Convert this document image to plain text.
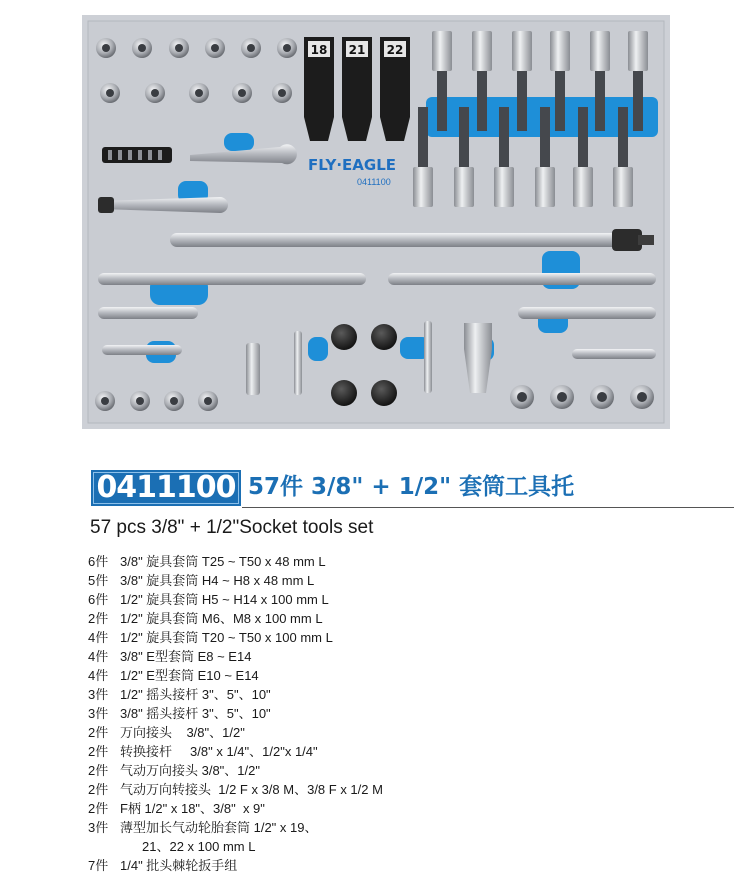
18 21 22
FLY·EAGLE
0411100
0411100 57件 3/8" + 1/2" 套筒工具托
57 pcs 3/8" + 1/2"Socket tools set
6件 3/8" 旋具套筒 T25 ~ T50 x 48 mm L
5件 3/8" 旋具套筒 H4 ~ H8 x 48 mm L
6件 1/2" 旋具套筒 H5 ~ H14 x 100 mm L
2件 1/2" 旋具套筒 M6、M8 x 100 mm L
4件 1/2" 旋具套筒 T20 ~ T50 x 100 mm L
4件 3/8" E型套筒 E8 ~ E14
4件 1/2" E型套筒 E10 ~ E14
3件 1/2" 摇头接杆 3"、5"、10"
3件 3/8" 摇头接杆 3"、5"、10"
2件 万向接头    3/8"、1/2"
2件 转换接杆     3/8" x 1/4"、1/2"x 1/4"
2件 气动万向接头 3/8"、1/2"
2件 气动万向转接头  1/2 F x 3/8 M、3/8 F x 1/2 M
2件 F柄 1/2" x 18"、3/8"  x 9"
3件 薄型加长气动轮胎套筒 1/2" x 19、
21、22 x 100 mm L
7件 1/4" 批头棘轮扳手组
